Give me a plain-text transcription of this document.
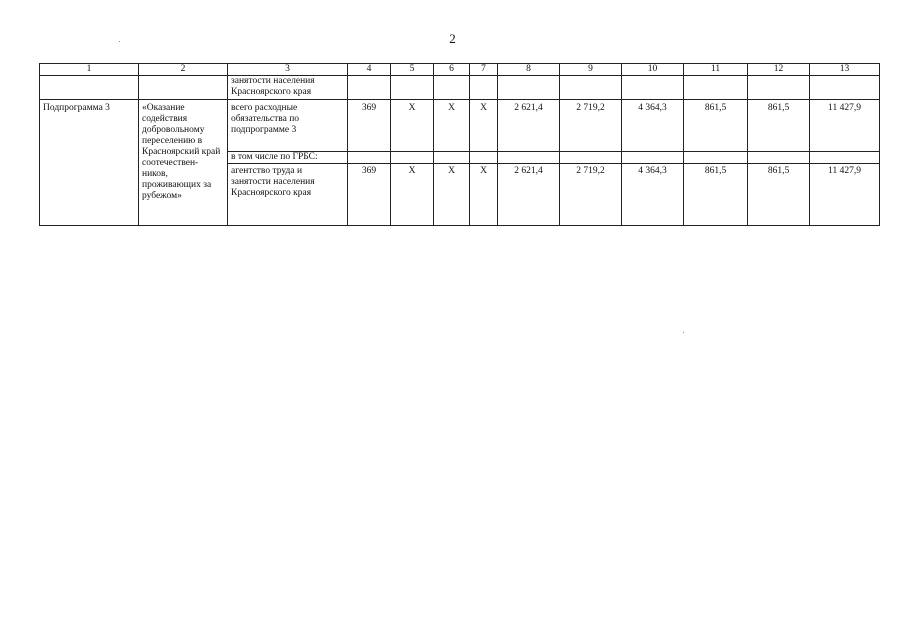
2
1	2	3	4	5	6	7	8	9	10	11	12	13
		занятости населения Красноярского края										
Подпрограмма 3	«Оказание содействия добровольному переселению в Красноярский край соотечествен-ников, проживающих за рубежом»	всего расходные обязательства по подпрограмме 3	369	X	X	X	2 621,4	2 719,2	4 364,3	861,5	861,5	11 427,9
		в том числе по ГРБС:										
		агентство труда и занятости населения Красноярского края	369	X	X	X	2 621,4	2 719,2	4 364,3	861,5	861,5	11 427,9
